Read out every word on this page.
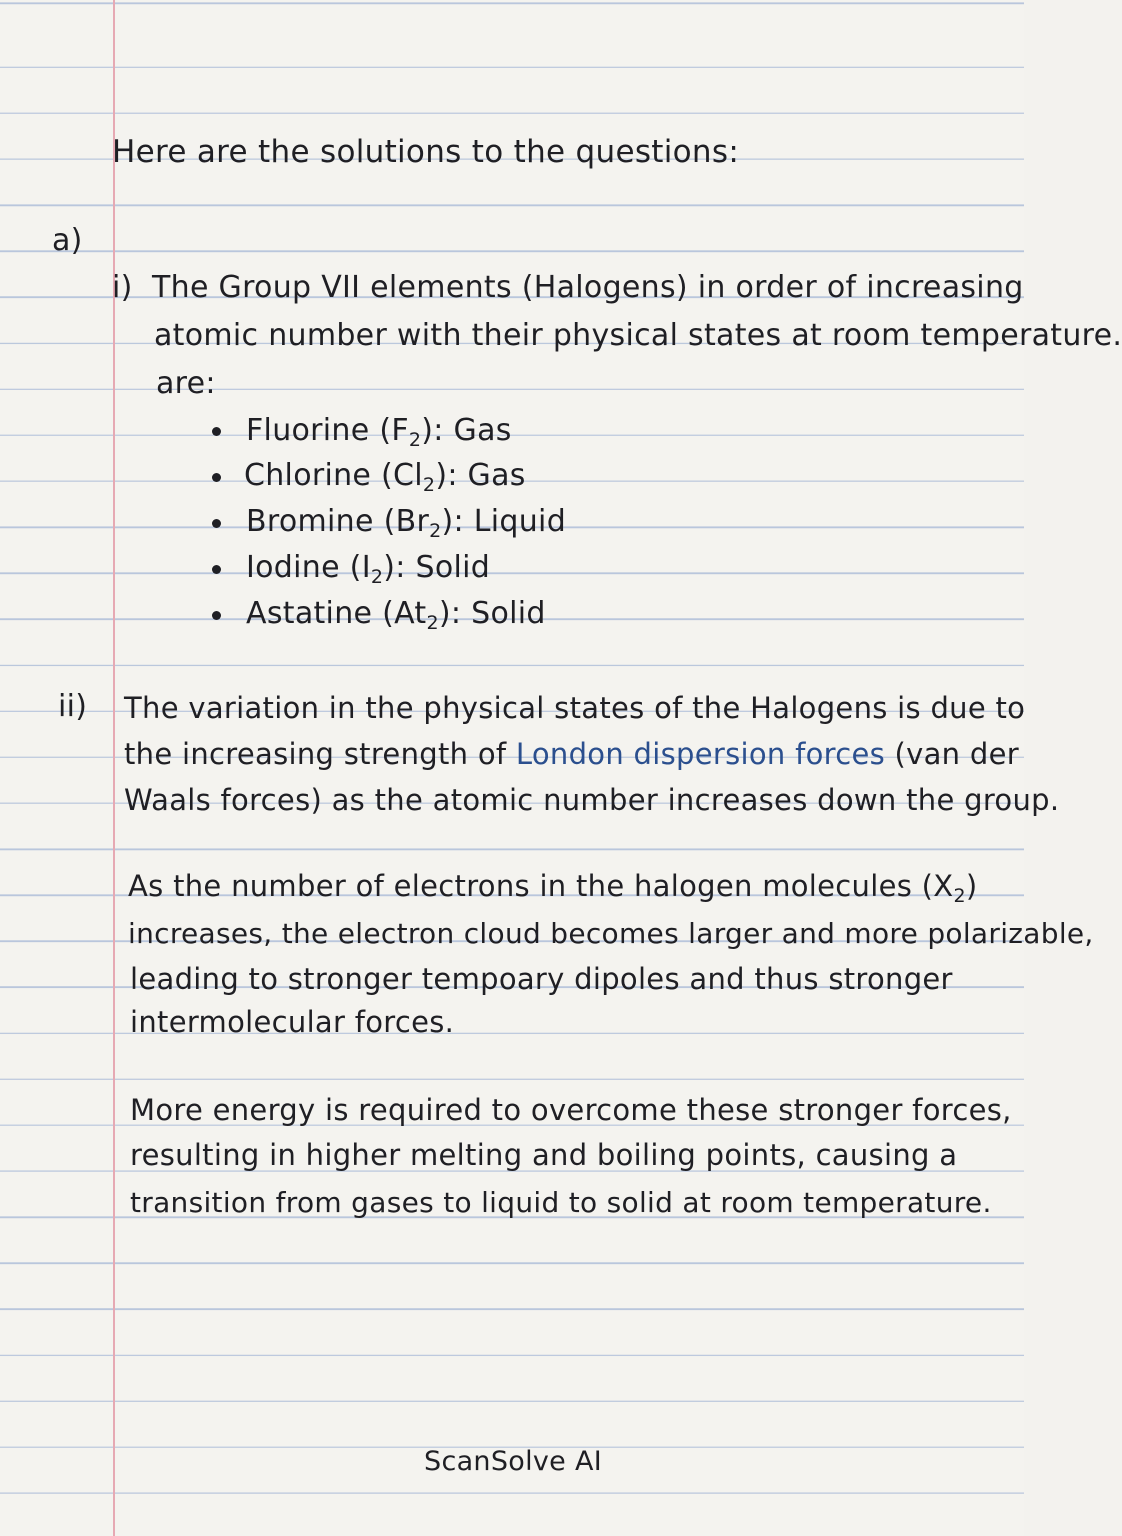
Here are the solutions to the questions:
a)
i) The Group VII elements (Halogens) in order of increasing
atomic number with their physical states at room temperature.
are:
Fluorine $(F_2)$: Gas
Chlorine $(Cl_2)$: Gas
Bromine $(Br_2)$: Liquid
Iodine $(I_2)$: Solid
Astatine $(At_2)$: Solid
ii) The variation in the physical states of the Halogens is due to
the increasing strength of London dispersion forces (van der
Waals forces) as the atomic number increases down the group.
As the number of electrons in the halogen molecules $(X_2)$
increases, the electron cloud becomes larger and more polarizable,
leading to stronger tempoary dipoles and thus stronger
intermolecular forces.
More energy is required to overcome these stronger forces,
resulting in higher melting and boiling points, causing a
transition from gases to liquid to solid at room temperature.
ScanSolve AI
